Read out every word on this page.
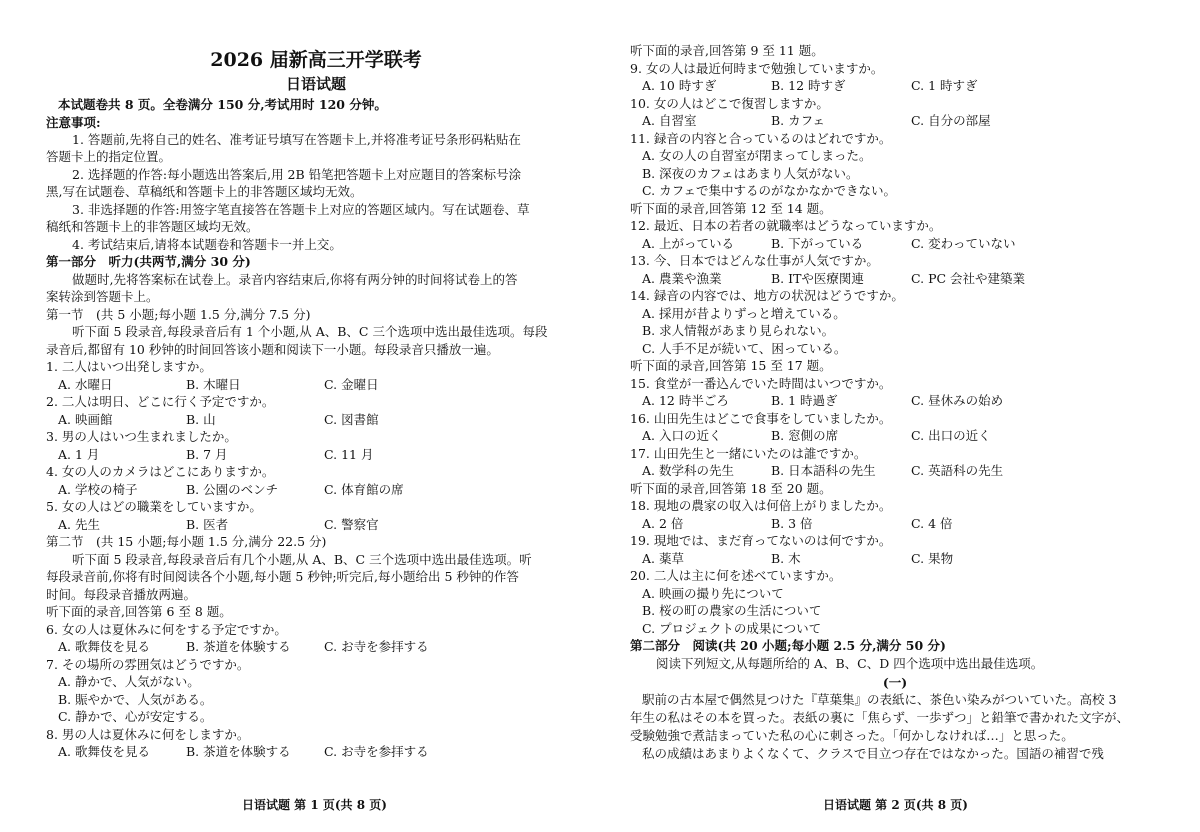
2026 届新高三开学联考
日语试题
本试题卷共 8 页。全卷满分 150 分,考试用时 120 分钟。
注意事项:
1. 答题前,先将自己的姓名、准考证号填写在答题卡上,并将准考证号条形码粘贴在
答题卡上的指定位置。
2. 选择题的作答:每小题选出答案后,用 2B 铅笔把答题卡上对应题目的答案标号涂
黑,写在试题卷、草稿纸和答题卡上的非答题区域均无效。
3. 非选择题的作答:用签字笔直接答在答题卡上对应的答题区域内。写在试题卷、草
稿纸和答题卡上的非答题区域均无效。
4. 考试结束后,请将本试题卷和答题卡一并上交。
第一部分　听力(共两节,满分 30 分)
做题时,先将答案标在试卷上。录音内容结束后,你将有两分钟的时间将试卷上的答
案转涂到答题卡上。
第一节　(共 5 小题;每小题 1.5 分,满分 7.5 分)
听下面 5 段录音,每段录音后有 1 个小题,从 A、B、C 三个选项中选出最佳选项。每段
录音后,都留有 10 秒钟的时间回答该小题和阅读下一小题。每段录音只播放一遍。
1. 二人はいつ出発しますか。
A. 水曜日	B. 木曜日	C. 金曜日
2. 二人は明日、どこに行く予定ですか。
A. 映画館	B. 山	C. 図書館
3. 男の人はいつ生まれましたか。
A. 1 月	B. 7 月	C. 11 月
4. 女の人のカメラはどこにありますか。
A. 学校の椅子	B. 公園のベンチ	C. 体育館の席
5. 女の人はどの職業をしていますか。
A. 先生	B. 医者	C. 警察官
第二节　(共 15 小题;每小题 1.5 分,满分 22.5 分)
听下面 5 段录音,每段录音后有几个小题,从 A、B、C 三个选项中选出最佳选项。听
每段录音前,你将有时间阅读各个小题,每小题 5 秒钟;听完后,每小题给出 5 秒钟的作答
时间。每段录音播放两遍。
听下面的录音,回答第 6 至 8 题。
6. 女の人は夏休みに何をする予定ですか。
A. 歌舞伎を見る	B. 茶道を体験する	C. お寺を参拝する
7. その場所の雰囲気はどうですか。
A. 静かで、人気がない。
B. 賑やかで、人気がある。
C. 静かで、心が安定する。
8. 男の人は夏休みに何をしますか。
A. 歌舞伎を見る	B. 茶道を体験する	C. お寺を参拝する
日语试题 第 1 页(共 8 页)
听下面的录音,回答第 9 至 11 题。
9. 女の人は最近何時まで勉強していますか。
A. 10 時すぎ	B. 12 時すぎ	C. 1 時すぎ
10. 女の人はどこで復習しますか。
A. 自習室	B. カフェ	C. 自分の部屋
11. 録音の内容と合っているのはどれですか。
A. 女の人の自習室が閉まってしまった。
B. 深夜のカフェはあまり人気がない。
C. カフェで集中するのがなかなかできない。
听下面的录音,回答第 12 至 14 题。
12. 最近、日本の若者の就職率はどうなっていますか。
A. 上がっている	B. 下がっている	C. 変わっていない
13. 今、日本ではどんな仕事が人気ですか。
A. 農業や漁業	B. ITや医療関連	C. PC 会社や建築業
14. 録音の内容では、地方の状況はどうですか。
A. 採用が昔よりずっと増えている。
B. 求人情報があまり見られない。
C. 人手不足が続いて、困っている。
听下面的录音,回答第 15 至 17 题。
15. 食堂が一番込んでいた時間はいつですか。
A. 12 時半ごろ	B. 1 時過ぎ	C. 昼休みの始め
16. 山田先生はどこで食事をしていましたか。
A. 入口の近く	B. 窓側の席	C. 出口の近く
17. 山田先生と一緒にいたのは誰ですか。
A. 数学科の先生	B. 日本語科の先生	C. 英語科の先生
听下面的录音,回答第 18 至 20 题。
18. 現地の農家の収入は何倍上がりましたか。
A. 2 倍	B. 3 倍	C. 4 倍
19. 現地では、まだ育ってないのは何ですか。
A. 薬草	B. 木	C. 果物
20. 二人は主に何を述べていますか。
A. 映画の撮り先について
B. 桜の町の農家の生活について
C. プロジェクトの成果について
第二部分　阅读(共 20 小题;每小题 2.5 分,满分 50 分)
阅读下列短文,从每题所给的 A、B、C、D 四个选项中选出最佳选项。
(一)
駅前の古本屋で偶然見つけた『草葉集』の表紙に、茶色い染みがついていた。高校 3
年生の私はその本を買った。表紙の裏に「焦らず、一歩ずつ」と鉛筆で書かれた文字が、
受験勉強で煮詰まっていた私の心に刺さった。「何かしなければ…」と思った。
私の成績はあまりよくなくて、クラスで目立つ存在ではなかった。国語の補習で残
日语试题 第 2 页(共 8 页)
